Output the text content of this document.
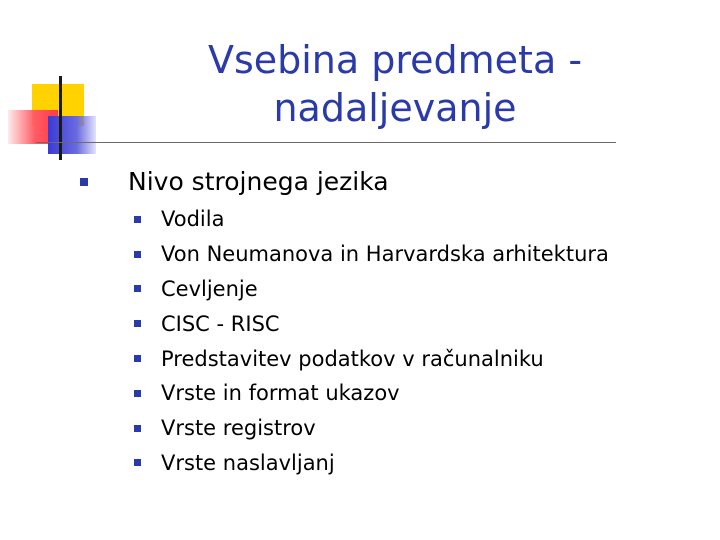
Vsebina predmeta -
nadaljevanje
Nivo strojnega jezika
Vodila
Von Neumanova in Harvardska arhitektura
Cevljenje
CISC - RISC
Predstavitev podatkov v računalniku
Vrste in format ukazov
Vrste registrov
Vrste naslavljanj
